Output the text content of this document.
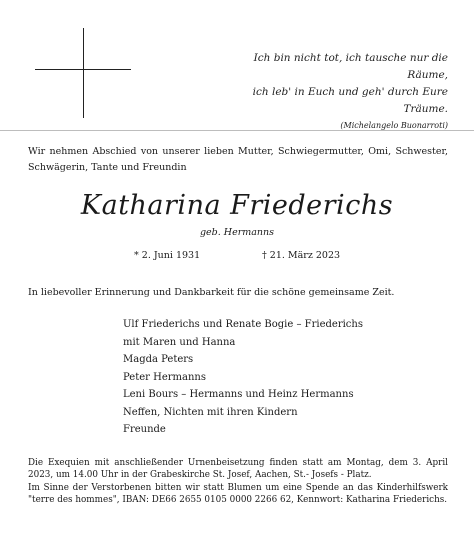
Ich bin nicht tot, ich tausche nur die Räume,
ich leb' in Euch und geh' durch Eure Träume.
(Michelangelo Buonarroti)
Wir nehmen Abschied von unserer lieben Mutter, Schwiegermutter, Omi, Schwester, Schwägerin, Tante und Freundin
Katharina Friederichs
geb. Hermanns
* 2. Juni 1931	† 21. März 2023
In liebevoller Erinnerung und Dankbarkeit für die schöne gemeinsame Zeit.
Ulf Friederichs und Renate Bogie – Friederichs
mit Maren und Hanna
Magda Peters
Peter Hermanns
Leni Bours – Hermanns und Heinz Hermanns
Neffen, Nichten mit ihren Kindern
Freunde

Die Exequien mit anschließender Urnenbeisetzung finden statt am Montag, dem 3. April 2023, um 14.00 Uhr in der Grabeskirche St. Josef, Aachen, St.- Josefs - Platz.

Im Sinne der Verstorbenen bitten wir statt Blumen um eine Spende an das Kinderhilfswerk "terre des hommes", IBAN: DE66 2655 0105 0000 2266 62, Kennwort: Katharina Friederichs.
